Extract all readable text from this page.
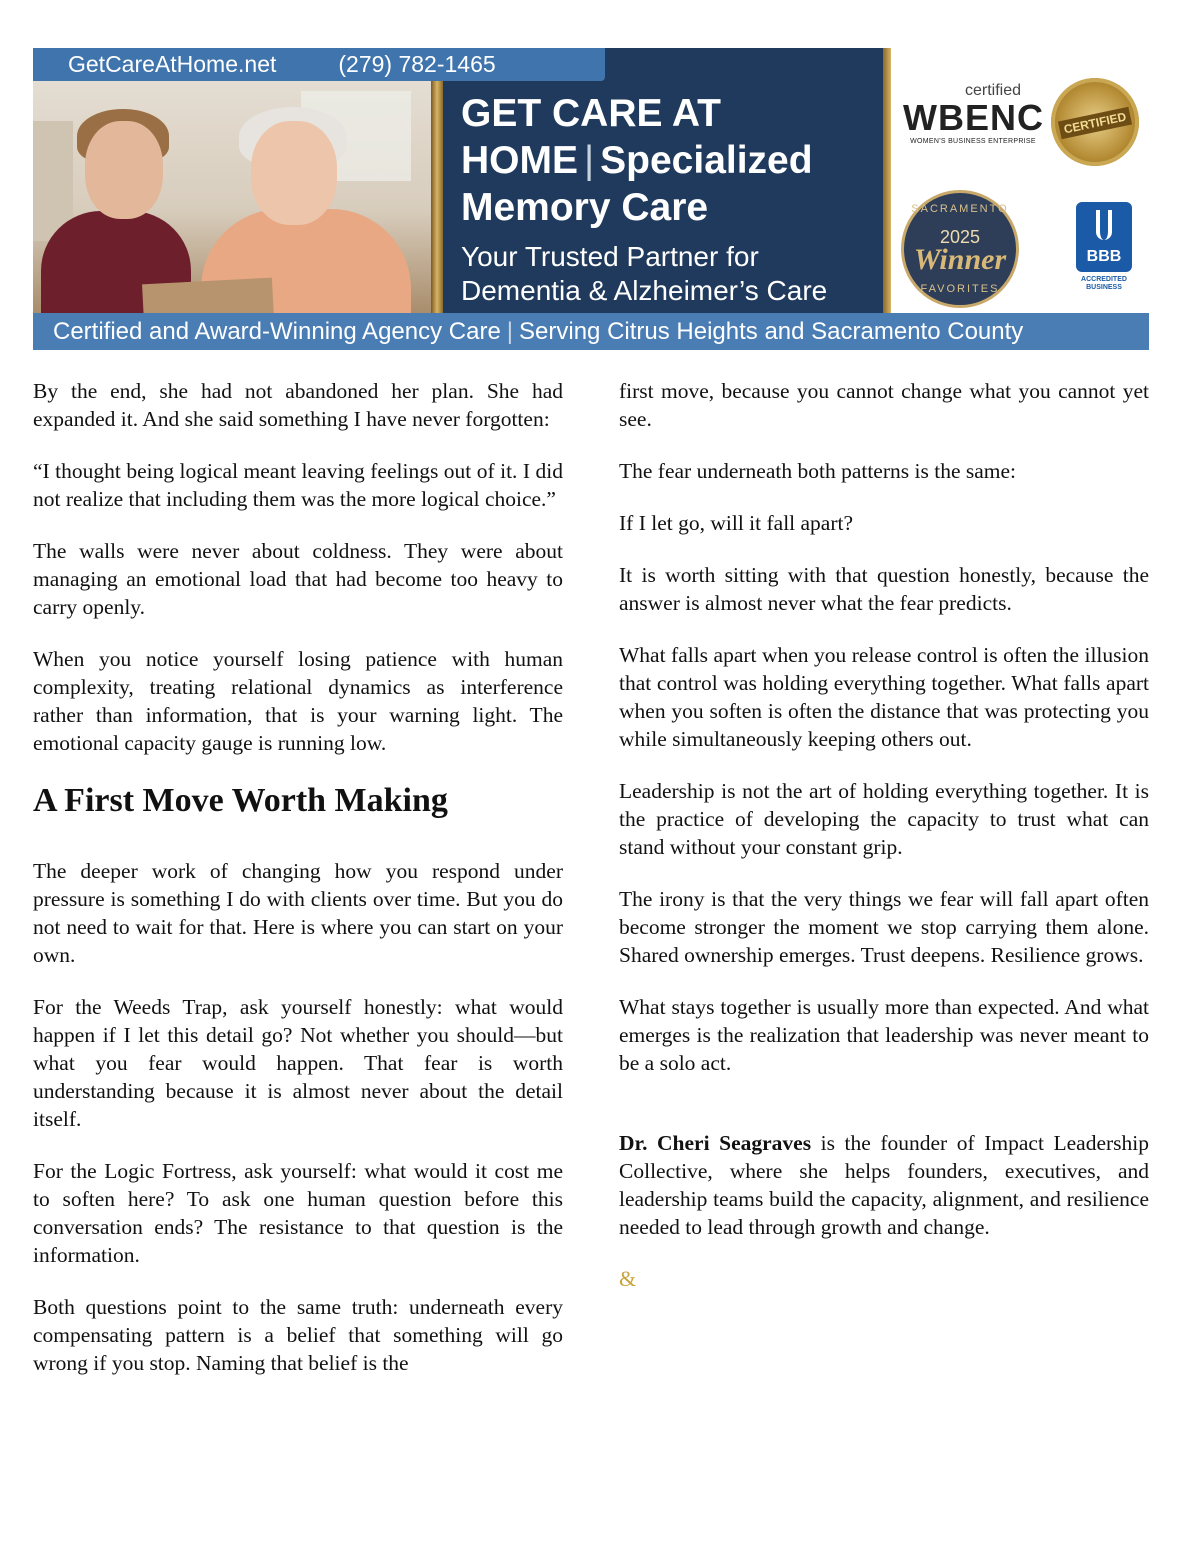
GetCareAtHome.net	(279) 782-1465
GET CARE AT
HOME | Specialized
Memory Care
Your Trusted Partner for
Dementia & Alzheimer’s Care
certified
WBENC
WOMEN'S BUSINESS ENTERPRISE
CERTIFIED
SACRAMENTO
2025
Winner
FAVORITES
BBB
ACCREDITED BUSINESS
Certified and Award-Winning Agency Care | Serving Citrus Heights and Sacramento County

By the end, she had not abandoned her plan. She had expanded it. And she said something I have never forgotten:

“I thought being logical meant leaving feelings out of it. I did not realize that including them was the more logical choice.”

The walls were never about coldness. They were about managing an emotional load that had become too heavy to carry openly.

When you notice yourself losing patience with human complexity, treating relational dynamics as interference rather than information, that is your warning light. The emotional capacity gauge is running low.

A First Move Worth Making

The deeper work of changing how you respond under pressure is something I do with clients over time. But you do not need to wait for that. Here is where you can start on your own.

For the Weeds Trap, ask yourself honestly: what would happen if I let this detail go? Not whether you should—but what you fear would happen. That fear is worth understanding because it is almost never about the detail itself.

For the Logic Fortress, ask yourself: what would it cost me to soften here? To ask one human question before this conversation ends? The resistance to that question is the information.

Both questions point to the same truth: underneath every compensating pattern is a belief that something will go wrong if you stop. Naming that belief is the

first move, because you cannot change what you cannot yet see.

The fear underneath both patterns is the same:

If I let go, will it fall apart?

It is worth sitting with that question honestly, because the answer is almost never what the fear predicts.

What falls apart when you release control is often the illusion that control was holding everything together. What falls apart when you soften is often the distance that was protecting you while simultaneously keeping others out.

Leadership is not the art of holding everything together. It is the practice of developing the capacity to trust what can stand without your constant grip.

The irony is that the very things we fear will fall apart often become stronger the moment we stop carrying them alone. Shared ownership emerges. Trust deepens. Resilience grows.

What stays together is usually more than expected. And what emerges is the realization that leadership was never meant to be a solo act.

Dr. Cheri Seagraves is the founder of Impact Leadership Collective, where she helps founders, executives, and leadership teams build the capacity, alignment, and resilience needed to lead through growth and change.

&
